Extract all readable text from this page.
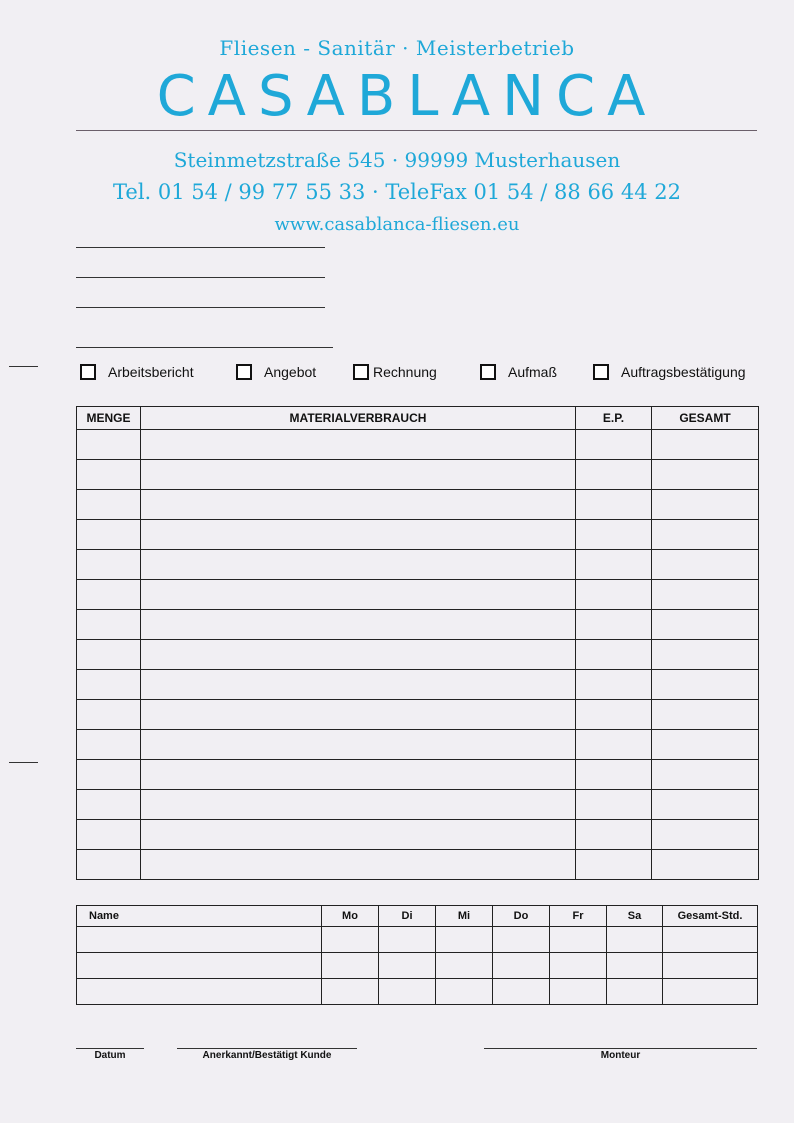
Fliesen - Sanitär · Meisterbetrieb
CASABLANCA
Steinmetzstraße 545 · 99999 Musterhausen
Tel. 01 54 / 99 77 55 33 · TeleFax 01 54 / 88 66 44 22
www.casablanca-fliesen.eu
Arbeitsbericht	Angebot	Rechnung	Aufmaß	Auftragsbestätigung
MENGE	MATERIALVERBRAUCH	E.P.	GESAMT

Name	Mo	Di	Mi	Do	Fr	Sa	Gesamt-Std.

Datum	Anerkannt/Bestätigt Kunde	Monteur
